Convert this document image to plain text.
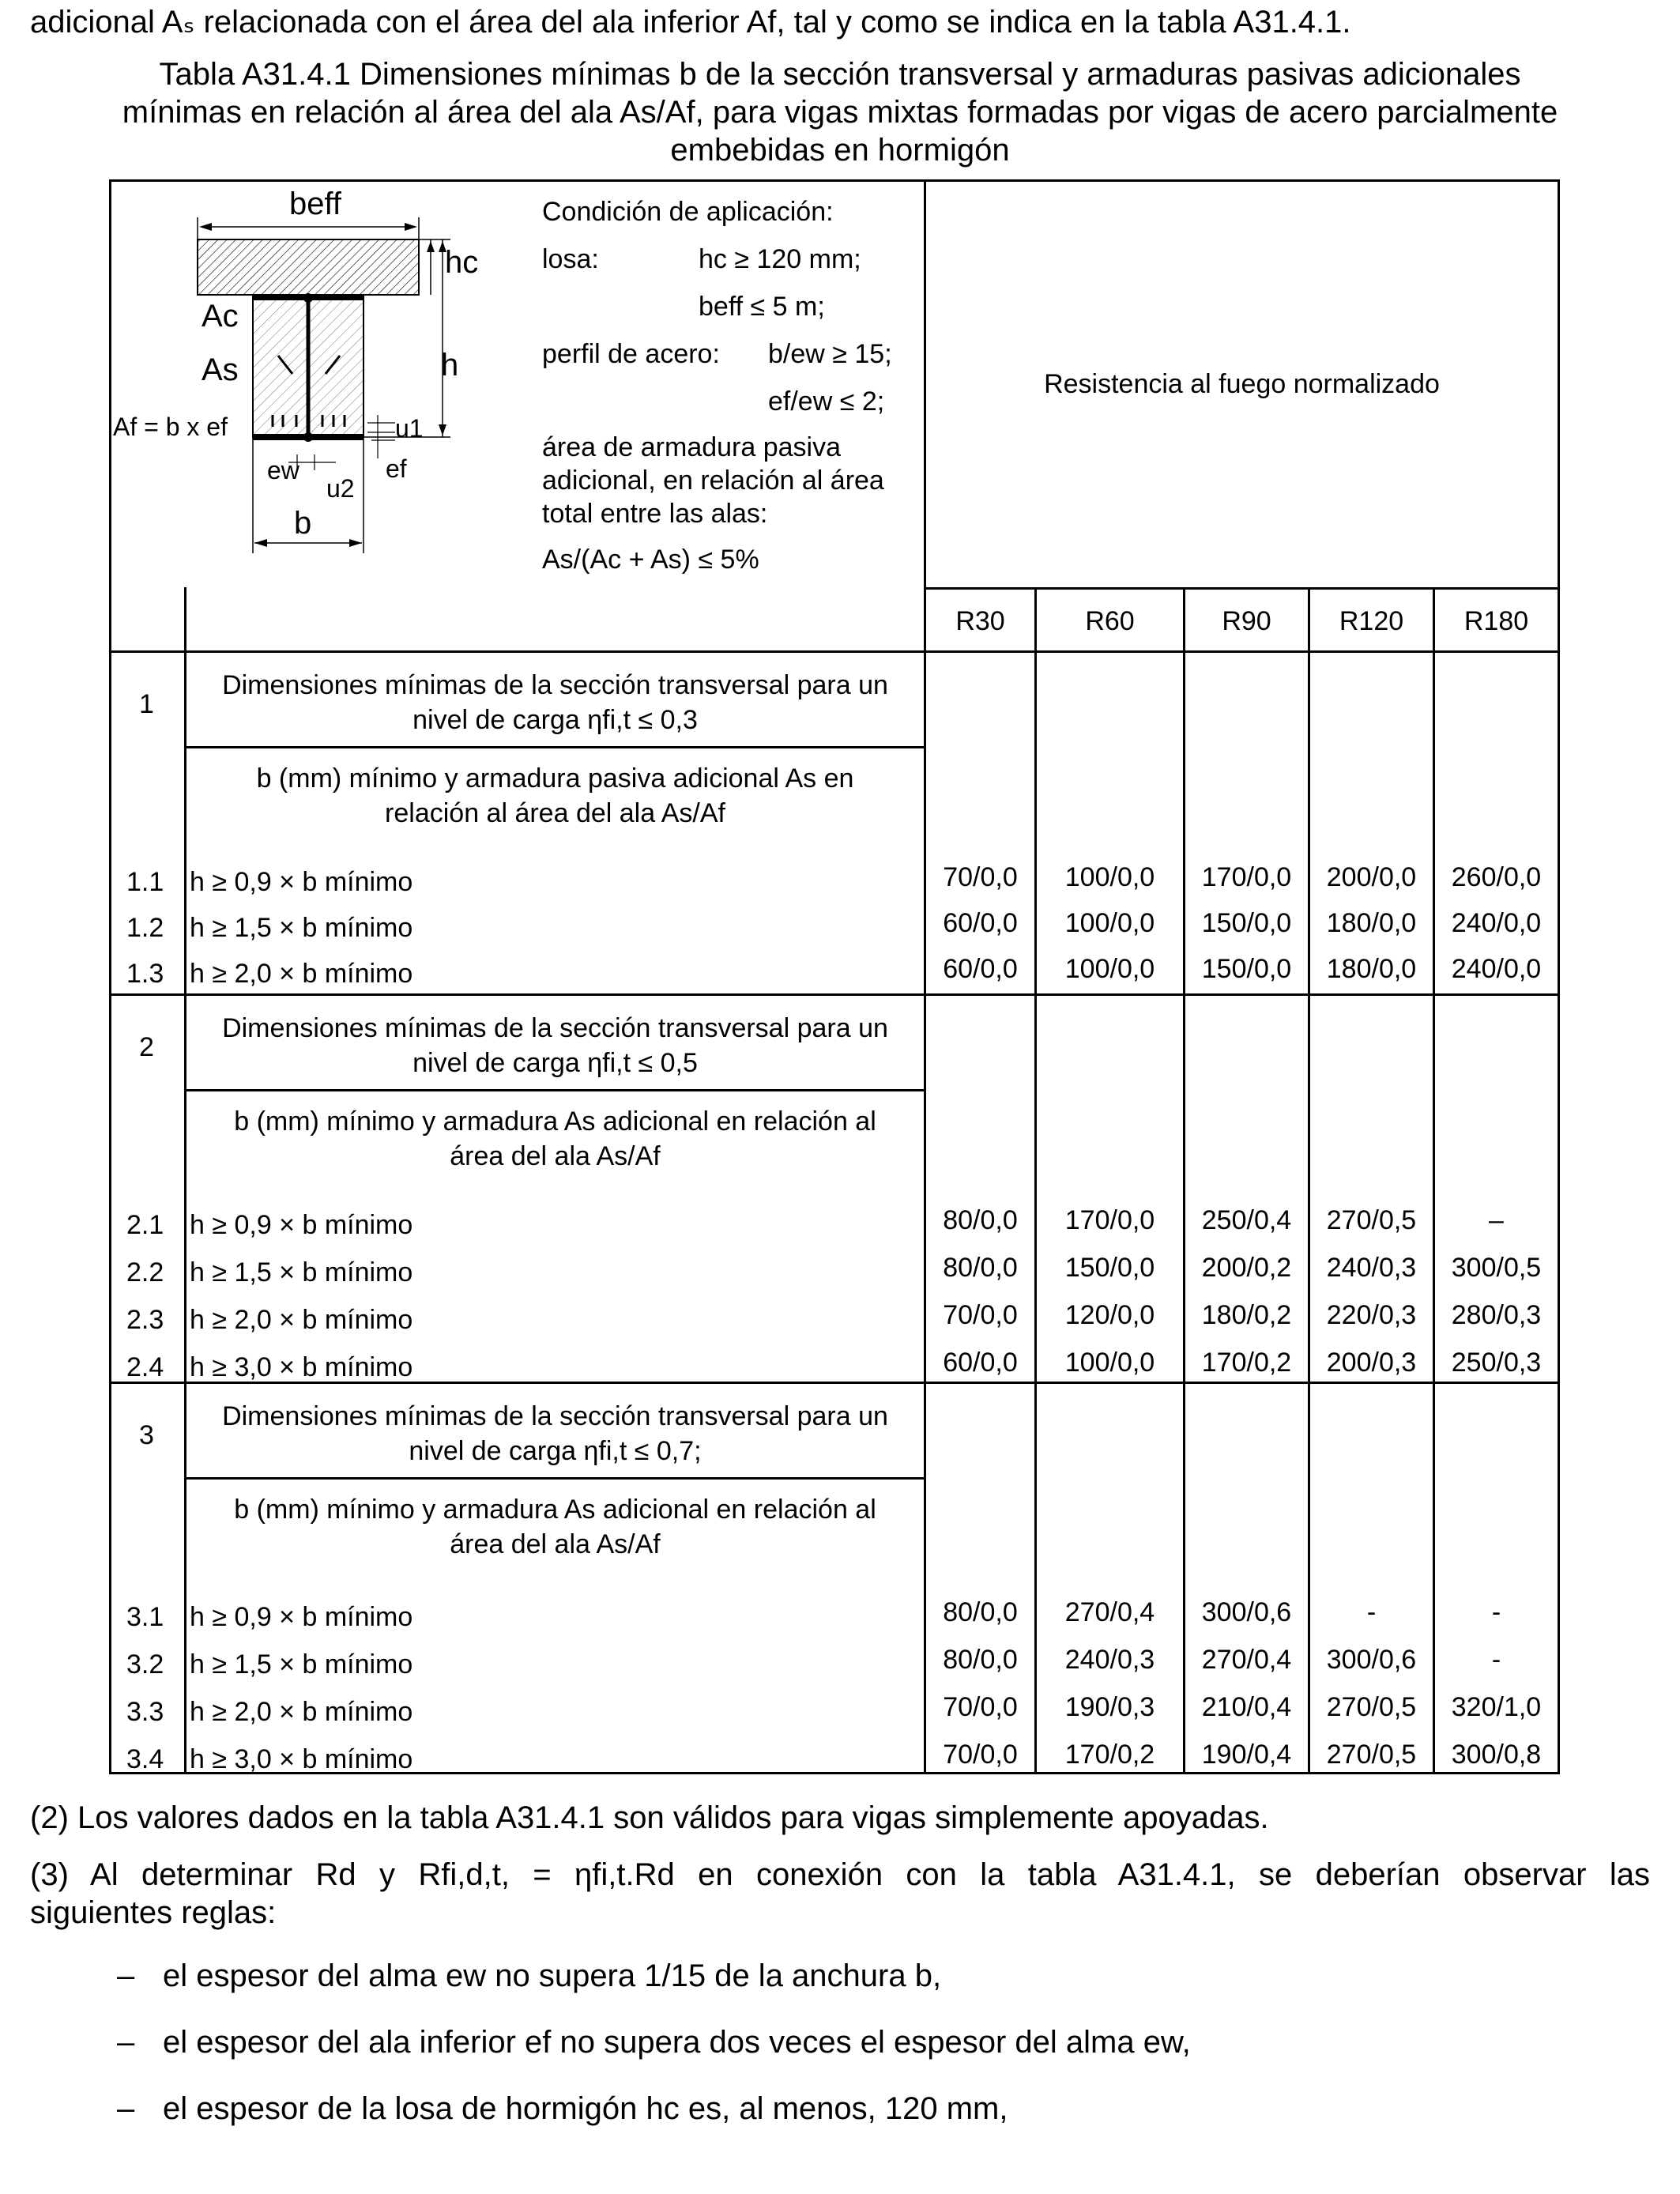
adicional Aₛ relacionada con el área del ala inferior Af, tal y como se indica en la tabla A31.4.1.
Tabla A31.4.1 Dimensiones mínimas b de la sección transversal y armaduras pasivas adicionales
mínimas en relación al área del ala As/Af, para vigas mixtas formadas por vigas de acero parcialmente
embebidas en hormigón
beff
hc
h
Ac
As
Af = b x ef	u1
ew	ef
u2
b
Condición de aplicación:
losa:	hc ≥ 120 mm;
beff ≤ 5 m;
perfil de acero: b/ew ≥ 15;
ef/ew ≤ 2;
área de armadura pasiva
adicional, en relación al área
total entre las alas:
As/(Ac + As) ≤ 5%
Resistencia al fuego normalizado
R30	R60	R90	R120	R180
1
Dimensiones mínimas de la sección transversal para un
nivel de carga ηfi,t ≤ 0,3
b (mm) mínimo y armadura pasiva adicional As en
relación al área del ala As/Af
1.1 h ≥ 0,9 × b mínimo	70/0,0	100/0,0	170/0,0	200/0,0	260/0,0
1.2 h ≥ 1,5 × b mínimo	60/0,0	100/0,0	150/0,0	180/0,0	240/0,0
1.3 h ≥ 2,0 × b mínimo	60/0,0	100/0,0	150/0,0	180/0,0	240/0,0
2
Dimensiones mínimas de la sección transversal para un
nivel de carga ηfi,t ≤ 0,5
b (mm) mínimo y armadura As adicional en relación al
área del ala As/Af
2.1 h ≥ 0,9 × b mínimo	80/0,0	170/0,0	250/0,4	270/0,5	–
2.2 h ≥ 1,5 × b mínimo	80/0,0	150/0,0	200/0,2	240/0,3	300/0,5
2.3 h ≥ 2,0 × b mínimo	70/0,0	120/0,0	180/0,2	220/0,3	280/0,3
2.4 h ≥ 3,0 × b mínimo	60/0,0	100/0,0	170/0,2	200/0,3	250/0,3
3
Dimensiones mínimas de la sección transversal para un
nivel de carga ηfi,t ≤ 0,7;
b (mm) mínimo y armadura As adicional en relación al
área del ala As/Af
3.1 h ≥ 0,9 × b mínimo	80/0,0	270/0,4	300/0,6	-	-
3.2 h ≥ 1,5 × b mínimo	80/0,0	240/0,3	270/0,4	300/0,6	-
3.3 h ≥ 2,0 × b mínimo	70/0,0	190/0,3	210/0,4	270/0,5	320/1,0
3.4 h ≥ 3,0 × b mínimo	70/0,0	170/0,2	190/0,4	270/0,5	300/0,8
(2) Los valores dados en la tabla A31.4.1 son válidos para vigas simplemente apoyadas.
(3) Al determinar Rd y Rfi,d,t, = ηfi,t.Rd en conexión con la tabla A31.4.1, se deberían observar las
siguientes reglas:
– el espesor del alma ew no supera 1/15 de la anchura b,
– el espesor del ala inferior ef no supera dos veces el espesor del alma ew,
– el espesor de la losa de hormigón hc es, al menos, 120 mm,
